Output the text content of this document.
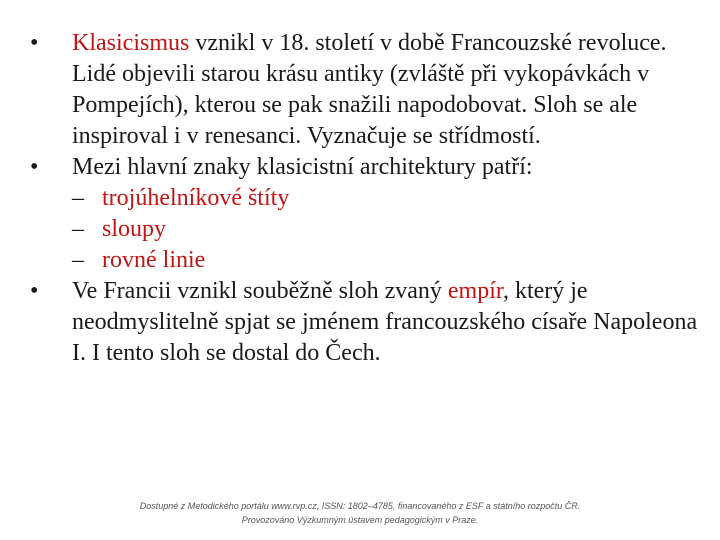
•	Klasicismus vznikl v 18. století v době Francouzské revoluce. Lidé objevili starou krásu antiky (zvláště při vykopávkách v Pompejích), kterou se pak snažili napodobovat. Sloh se ale inspiroval i v renesanci. Vyznačuje se střídmostí.
•	Mezi hlavní znaky klasicistní architektury patří:
– trojúhelníkové štíty
– sloupy
– rovné linie
•	Ve Francii vznikl souběžně sloh zvaný empír, který je neodmyslitelně spjat se jménem francouzského císaře Napoleona I. I tento sloh se dostal do Čech.
Dostupné z Metodického portálu www.rvp.cz, ISSN: 1802–4785, financovaného z ESF a státního rozpočtu ČR.
Provozováno Výzkumným ústavem pedagogickým v Praze.
